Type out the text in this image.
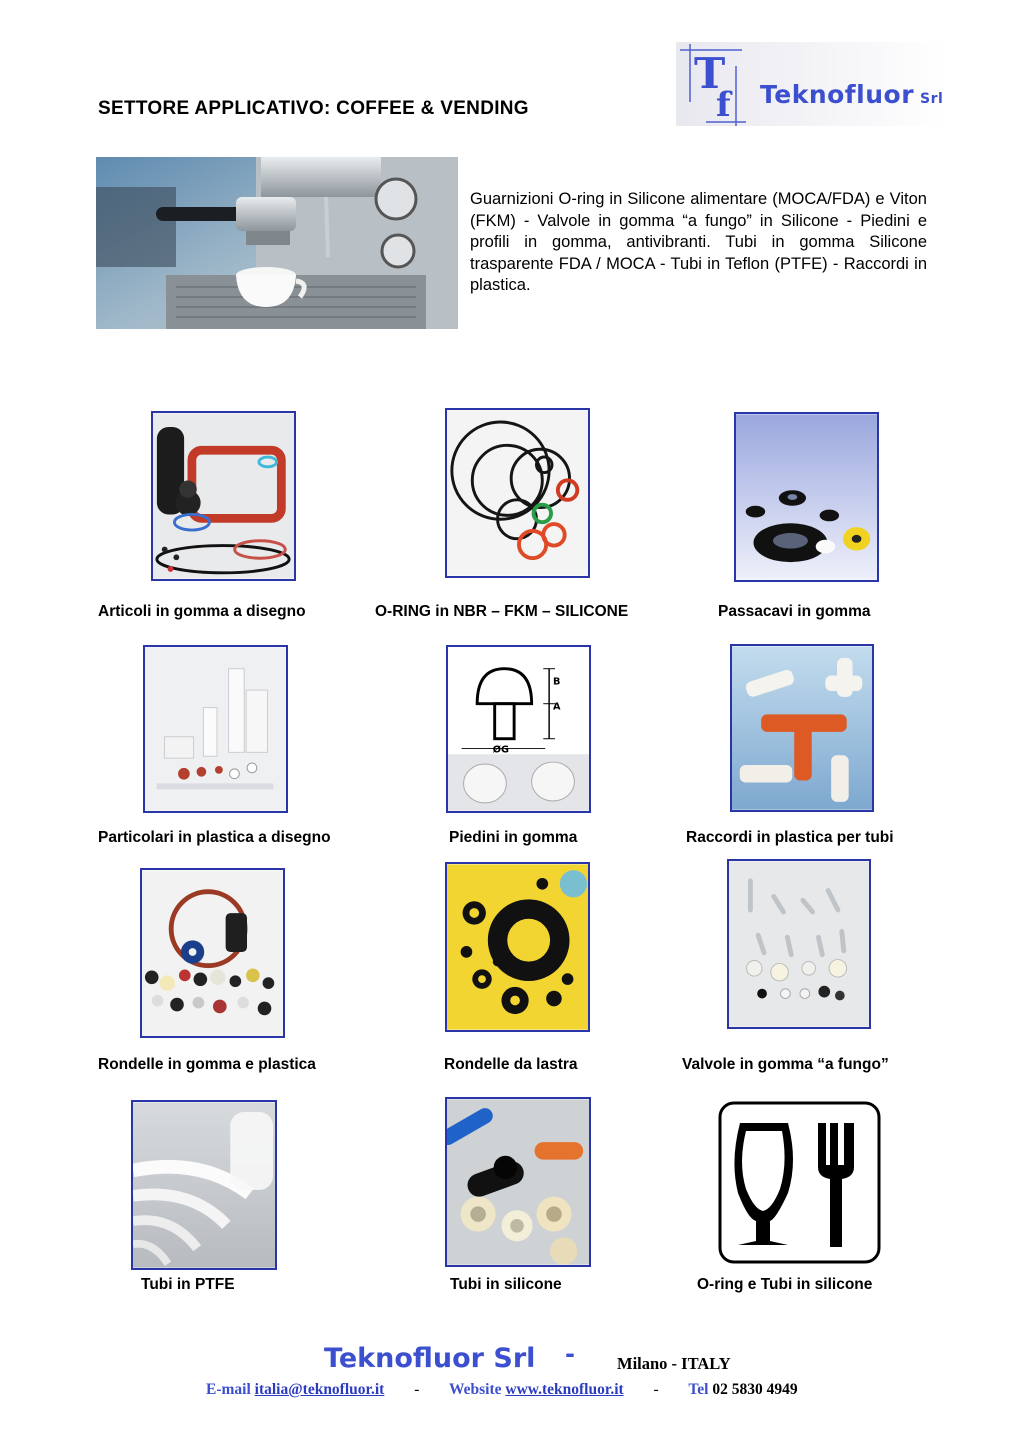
SETTORE APPLICATIVO: COFFEE & VENDING
T
f Teknofluor Srl
Guarnizioni O-ring in Silicone alimentare (MOCA/FDA) e Viton (FKM) - Valvole in gomma “a fungo” in Silicone - Piedini e profili in gomma, antivibranti. Tubi in gomma Silicone trasparente FDA / MOCA - Tubi in Teflon (PTFE) - Raccordi in plastica.
Articoli in gomma a disegno	O-RING in NBR – FKM – SILICONE	Passacavi in gomma
B
A
ØG
Particolari in plastica a disegno	Piedini in gomma	Raccordi in plastica per tubi
Rondelle in gomma e plastica	Rondelle da lastra	Valvole in gomma “a fungo”
Tubi in PTFE	Tubi in silicone	O-ring e Tubi in silicone
Teknofluor Srl -	Milano - ITALY
E-mail italia@teknofluor.it - Website www.teknofluor.it - Tel 02 5830 4949
